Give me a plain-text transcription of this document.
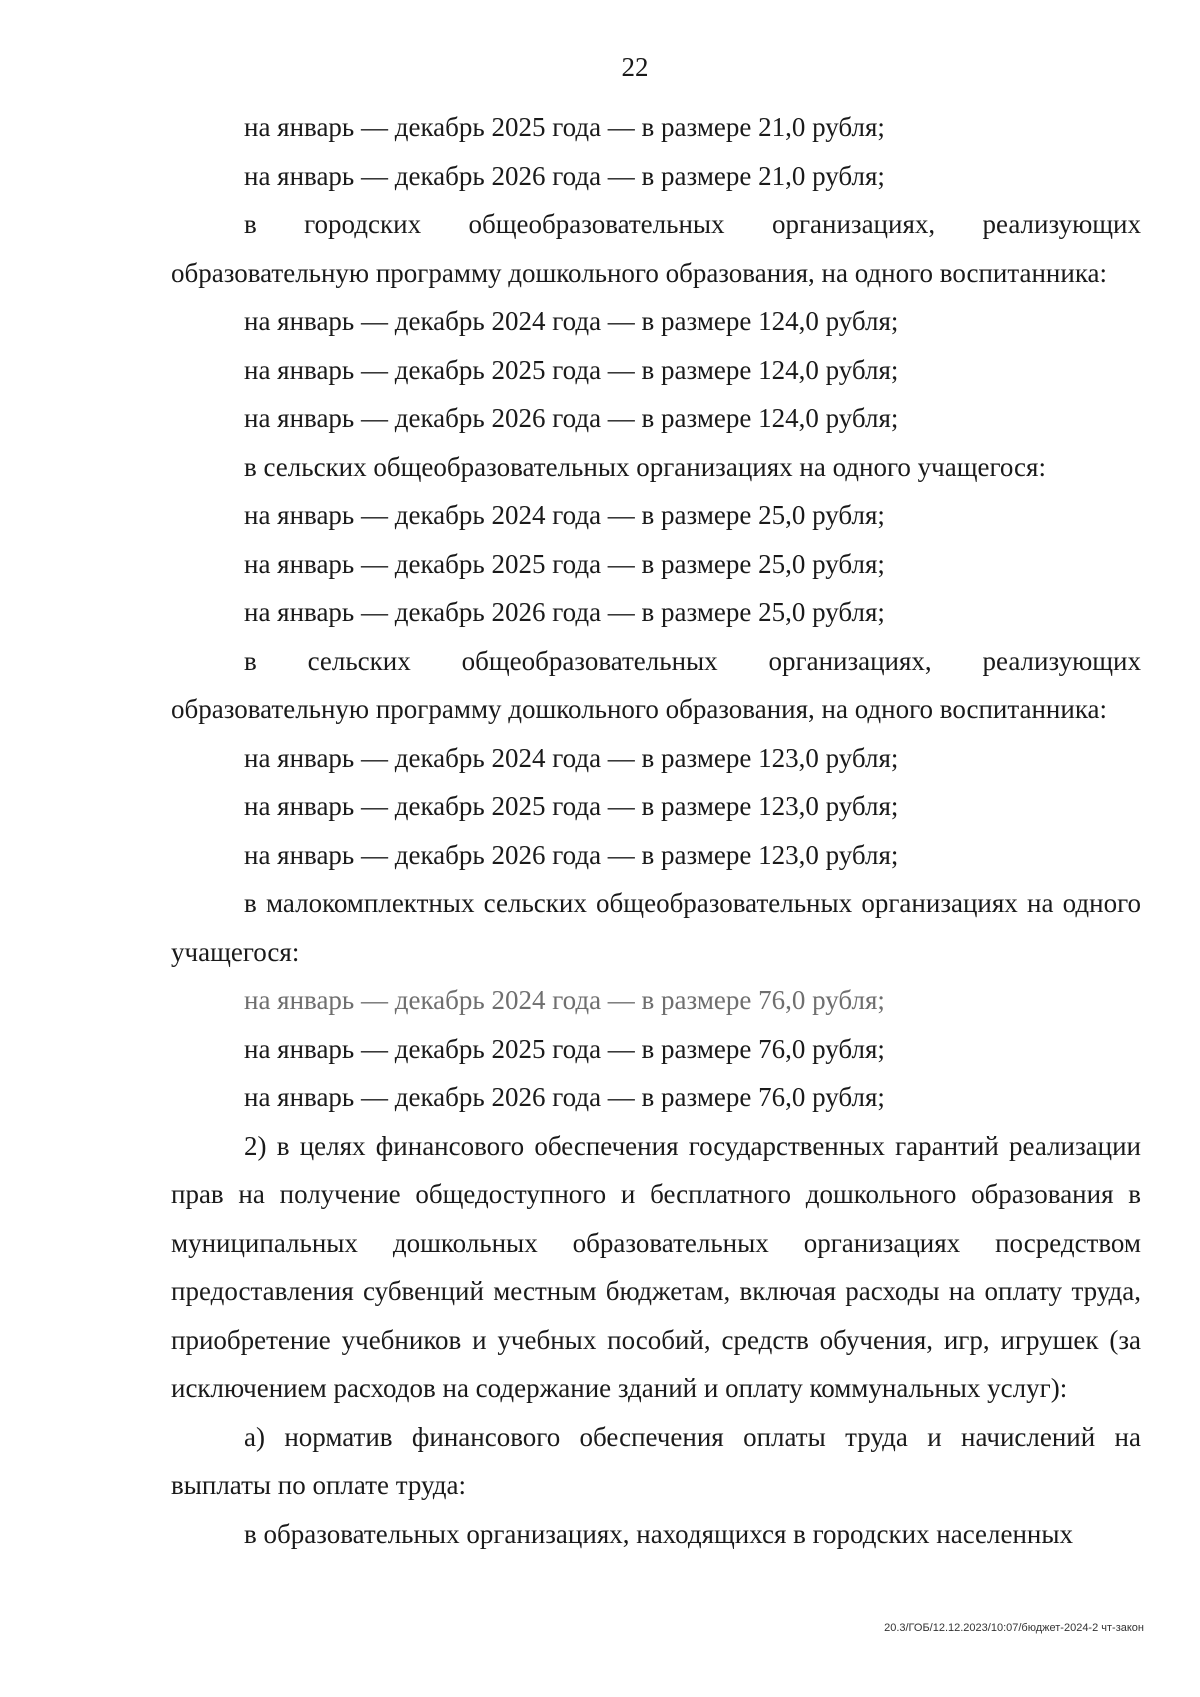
22

на январь — декабрь 2025 года — в размере 21,0 рубля;

на январь — декабрь 2026 года — в размере 21,0 рубля;

в городских общеобразовательных организациях, реализующих образовательную программу дошкольного образования, на одного воспитанника:

на январь — декабрь 2024 года — в размере 124,0 рубля;

на январь — декабрь 2025 года — в размере 124,0 рубля;

на январь — декабрь 2026 года — в размере 124,0 рубля;

в сельских общеобразовательных организациях на одного учащегося:

на январь — декабрь 2024 года — в размере 25,0 рубля;

на январь — декабрь 2025 года — в размере 25,0 рубля;

на январь — декабрь 2026 года — в размере 25,0 рубля;

в сельских общеобразовательных организациях, реализующих образовательную программу дошкольного образования, на одного воспитанника:

на январь — декабрь 2024 года — в размере 123,0 рубля;

на январь — декабрь 2025 года — в размере 123,0 рубля;

на январь — декабрь 2026 года — в размере 123,0 рубля;

в малокомплектных сельских общеобразовательных организациях на одного учащегося:

на январь — декабрь 2024 года — в размере 76,0 рубля;

на январь — декабрь 2025 года — в размере 76,0 рубля;

на январь — декабрь 2026 года — в размере 76,0 рубля;

2) в целях финансового обеспечения государственных гарантий реализации прав на получение общедоступного и бесплатного дошкольного образования в муниципальных дошкольных образовательных организациях посредством предоставления субвенций местным бюджетам, включая расходы на оплату труда, приобретение учебников и учебных пособий, средств обучения, игр, игрушек (за исключением расходов на содержание зданий и оплату коммунальных услуг):

а) норматив финансового обеспечения оплаты труда и начислений на выплаты по оплате труда:

в образовательных организациях, находящихся в городских населенных

20.3/ГОБ/12.12.2023/10:07/бюджет-2024-2 чт-закон
